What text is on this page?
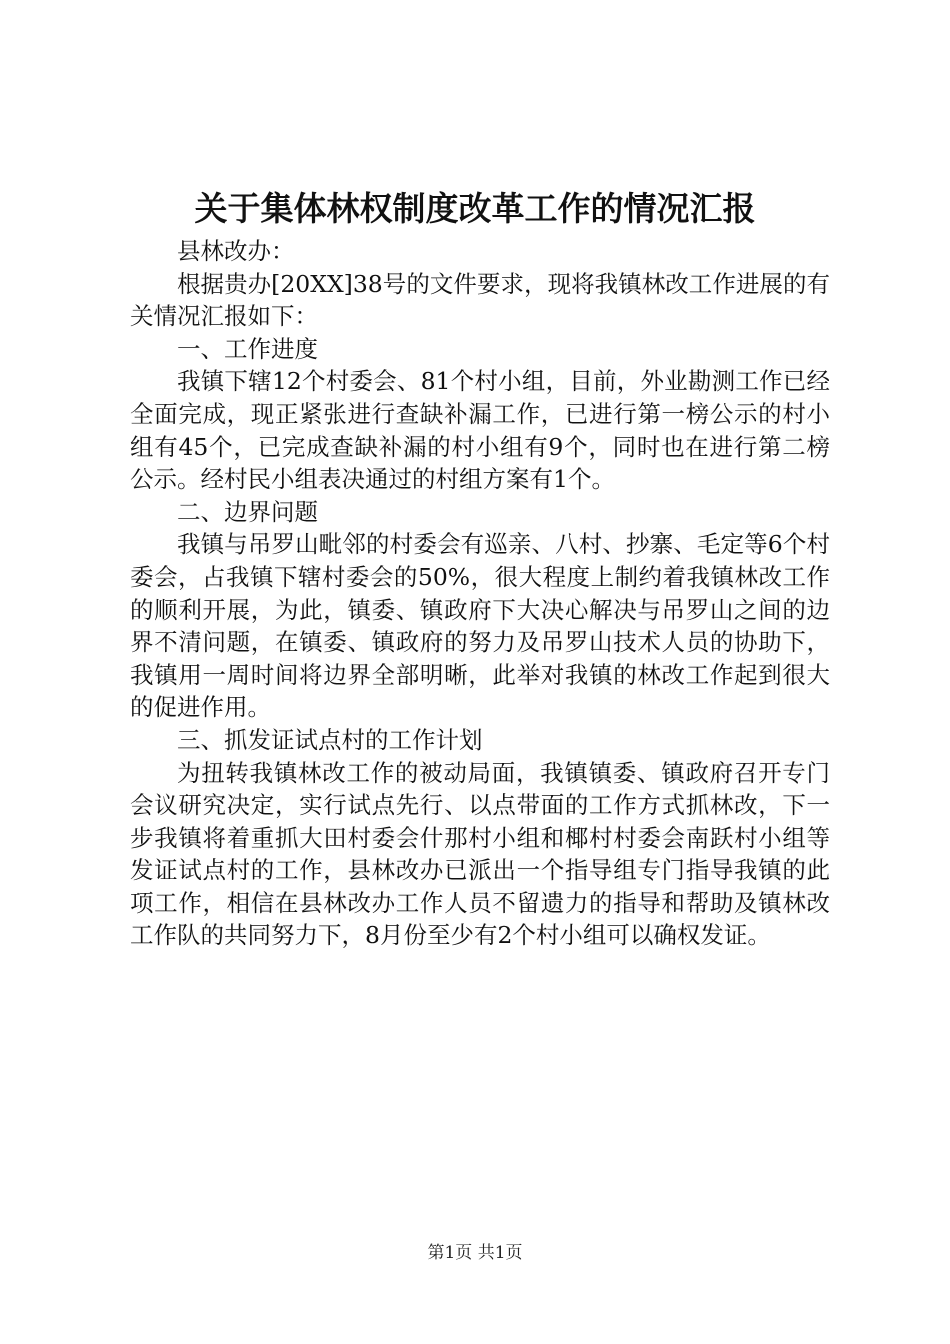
关于集体林权制度改革工作的情况汇报

县林改办：

根据贵办[20XX]38号的文件要求，现将我镇林改工作进展的有关情况汇报如下：

一、工作进度

我镇下辖12个村委会、81个村小组，目前，外业勘测工作已经全面完成，现正紧张进行查缺补漏工作，已进行第一榜公示的村小组有45个，已完成查缺补漏的村小组有9个，同时也在进行第二榜公示。经村民小组表决通过的村组方案有1个。

二、边界问题

我镇与吊罗山毗邻的村委会有巡亲、八村、抄寨、毛定等6个村委会，占我镇下辖村委会的50%，很大程度上制约着我镇林改工作的顺利开展，为此，镇委、镇政府下大决心解决与吊罗山之间的边界不清问题，在镇委、镇政府的努力及吊罗山技术人员的协助下，我镇用一周时间将边界全部明晰，此举对我镇的林改工作起到很大的促进作用。

三、抓发证试点村的工作计划

为扭转我镇林改工作的被动局面，我镇镇委、镇政府召开专门会议研究决定，实行试点先行、以点带面的工作方式抓林改，下一步我镇将着重抓大田村委会什那村小组和椰村村委会南跃村小组等发证试点村的工作，县林改办已派出一个指导组专门指导我镇的此项工作，相信在县林改办工作人员不留遗力的指导和帮助及镇林改工作队的共同努力下，8月份至少有2个村小组可以确权发证。

第1页 共1页
